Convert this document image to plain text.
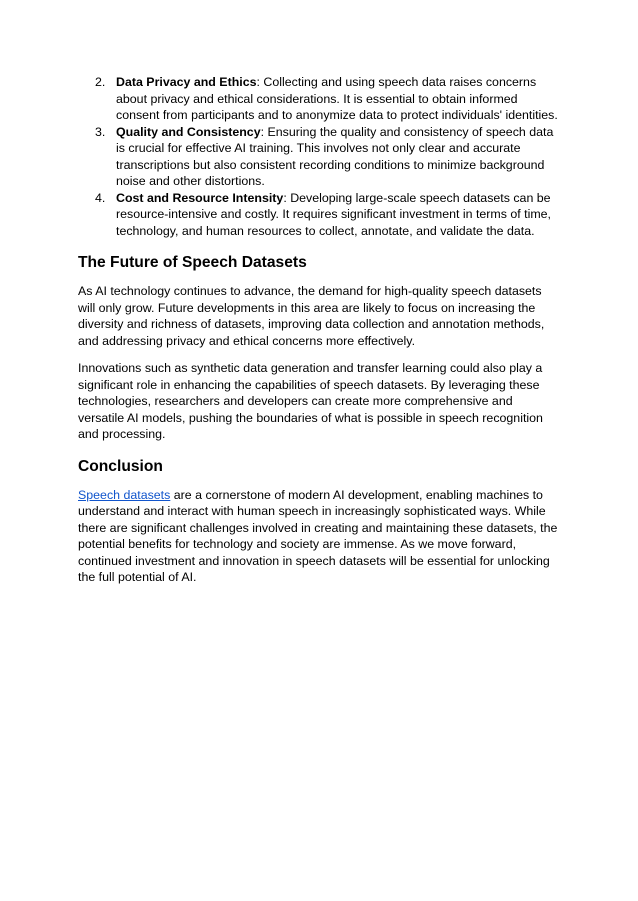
2. Data Privacy and Ethics: Collecting and using speech data raises concerns about privacy and ethical considerations. It is essential to obtain informed consent from participants and to anonymize data to protect individuals' identities.
3. Quality and Consistency: Ensuring the quality and consistency of speech data is crucial for effective AI training. This involves not only clear and accurate transcriptions but also consistent recording conditions to minimize background noise and other distortions.
4. Cost and Resource Intensity: Developing large-scale speech datasets can be resource-intensive and costly. It requires significant investment in terms of time, technology, and human resources to collect, annotate, and validate the data.
The Future of Speech Datasets

As AI technology continues to advance, the demand for high-quality speech datasets will only grow. Future developments in this area are likely to focus on increasing the diversity and richness of datasets, improving data collection and annotation methods, and addressing privacy and ethical concerns more effectively.

Innovations such as synthetic data generation and transfer learning could also play a significant role in enhancing the capabilities of speech datasets. By leveraging these technologies, researchers and developers can create more comprehensive and versatile AI models, pushing the boundaries of what is possible in speech recognition and processing.

Conclusion

Speech datasets are a cornerstone of modern AI development, enabling machines to understand and interact with human speech in increasingly sophisticated ways. While there are significant challenges involved in creating and maintaining these datasets, the potential benefits for technology and society are immense. As we move forward, continued investment and innovation in speech datasets will be essential for unlocking the full potential of AI.
